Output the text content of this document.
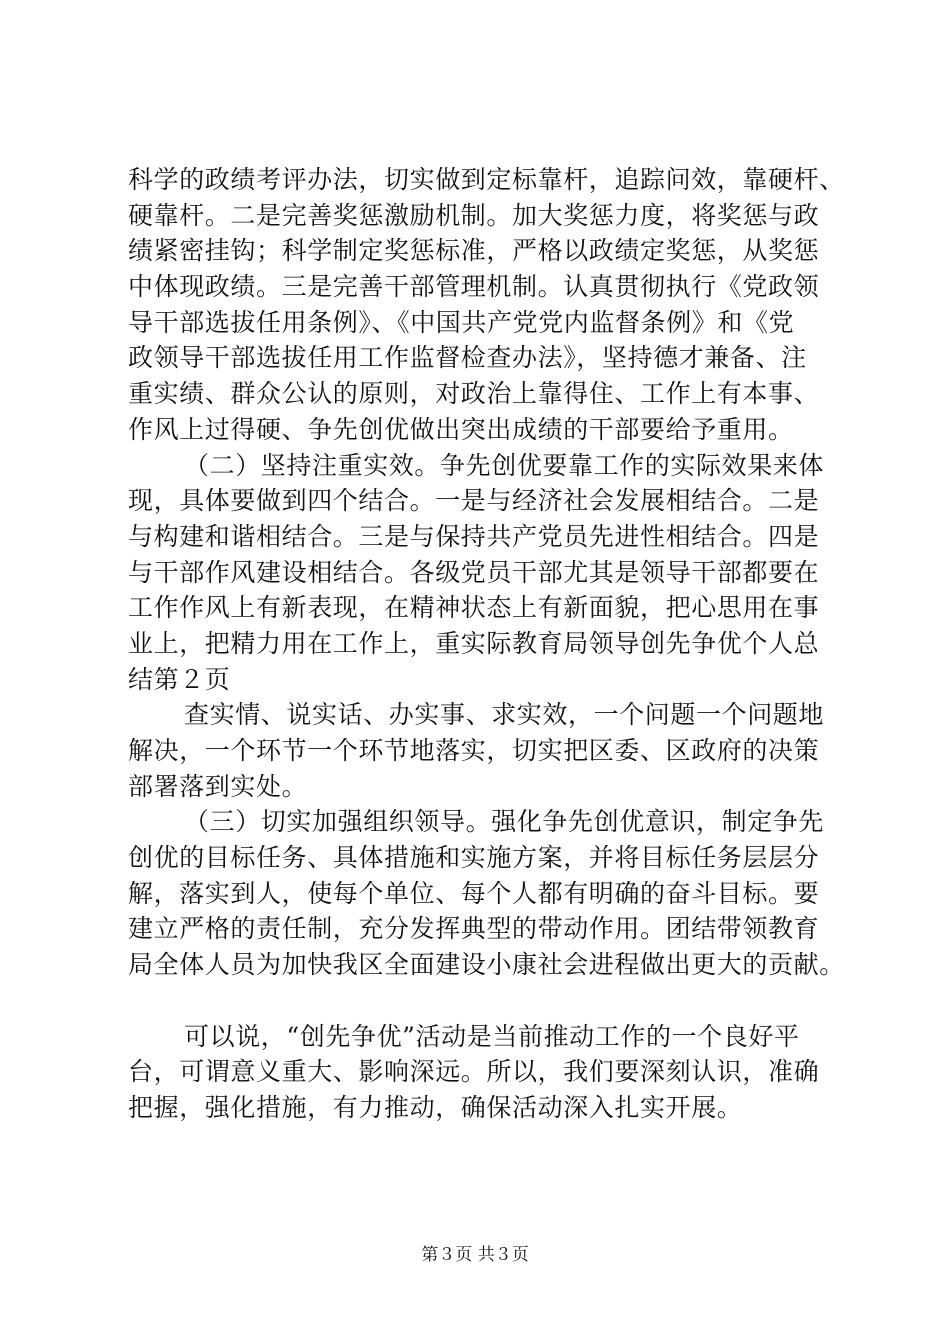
科学的政绩考评办法，切实做到定标靠杆，追踪问效，靠硬杆、
硬靠杆。二是完善奖惩激励机制。加大奖惩力度，将奖惩与政
绩紧密挂钩；科学制定奖惩标准，严格以政绩定奖惩，从奖惩
中体现政绩。三是完善干部管理机制。认真贯彻执行《党政领
导干部选拔任用条例》、《中国共产党党内监督条例》和《党
政领导干部选拔任用工作监督检查办法》，坚持德才兼备、注
重实绩、群众公认的原则，对政治上靠得住、工作上有本事、
作风上过得硬、争先创优做出突出成绩的干部要给予重用。
（二）坚持注重实效。争先创优要靠工作的实际效果来体
现，具体要做到四个结合。一是与经济社会发展相结合。二是
与构建和谐相结合。三是与保持共产党员先进性相结合。四是
与干部作风建设相结合。各级党员干部尤其是领导干部都要在
工作作风上有新表现，在精神状态上有新面貌，把心思用在事
业上，把精力用在工作上，重实际教育局领导创先争优个人总
结第２页
查实情、说实话、办实事、求实效，一个问题一个问题地
解决，一个环节一个环节地落实，切实把区委、区政府的决策
部署落到实处。
（三）切实加强组织领导。强化争先创优意识，制定争先
创优的目标任务、具体措施和实施方案，并将目标任务层层分
解，落实到人，使每个单位、每个人都有明确的奋斗目标。要
建立严格的责任制，充分发挥典型的带动作用。团结带领教育
局全体人员为加快我区全面建设小康社会进程做出更大的贡献。
可以说，“创先争优”活动是当前推动工作的一个良好平
台，可谓意义重大、影响深远。所以，我们要深刻认识，准确
把握，强化措施，有力推动，确保活动深入扎实开展。
第３页 共３页
